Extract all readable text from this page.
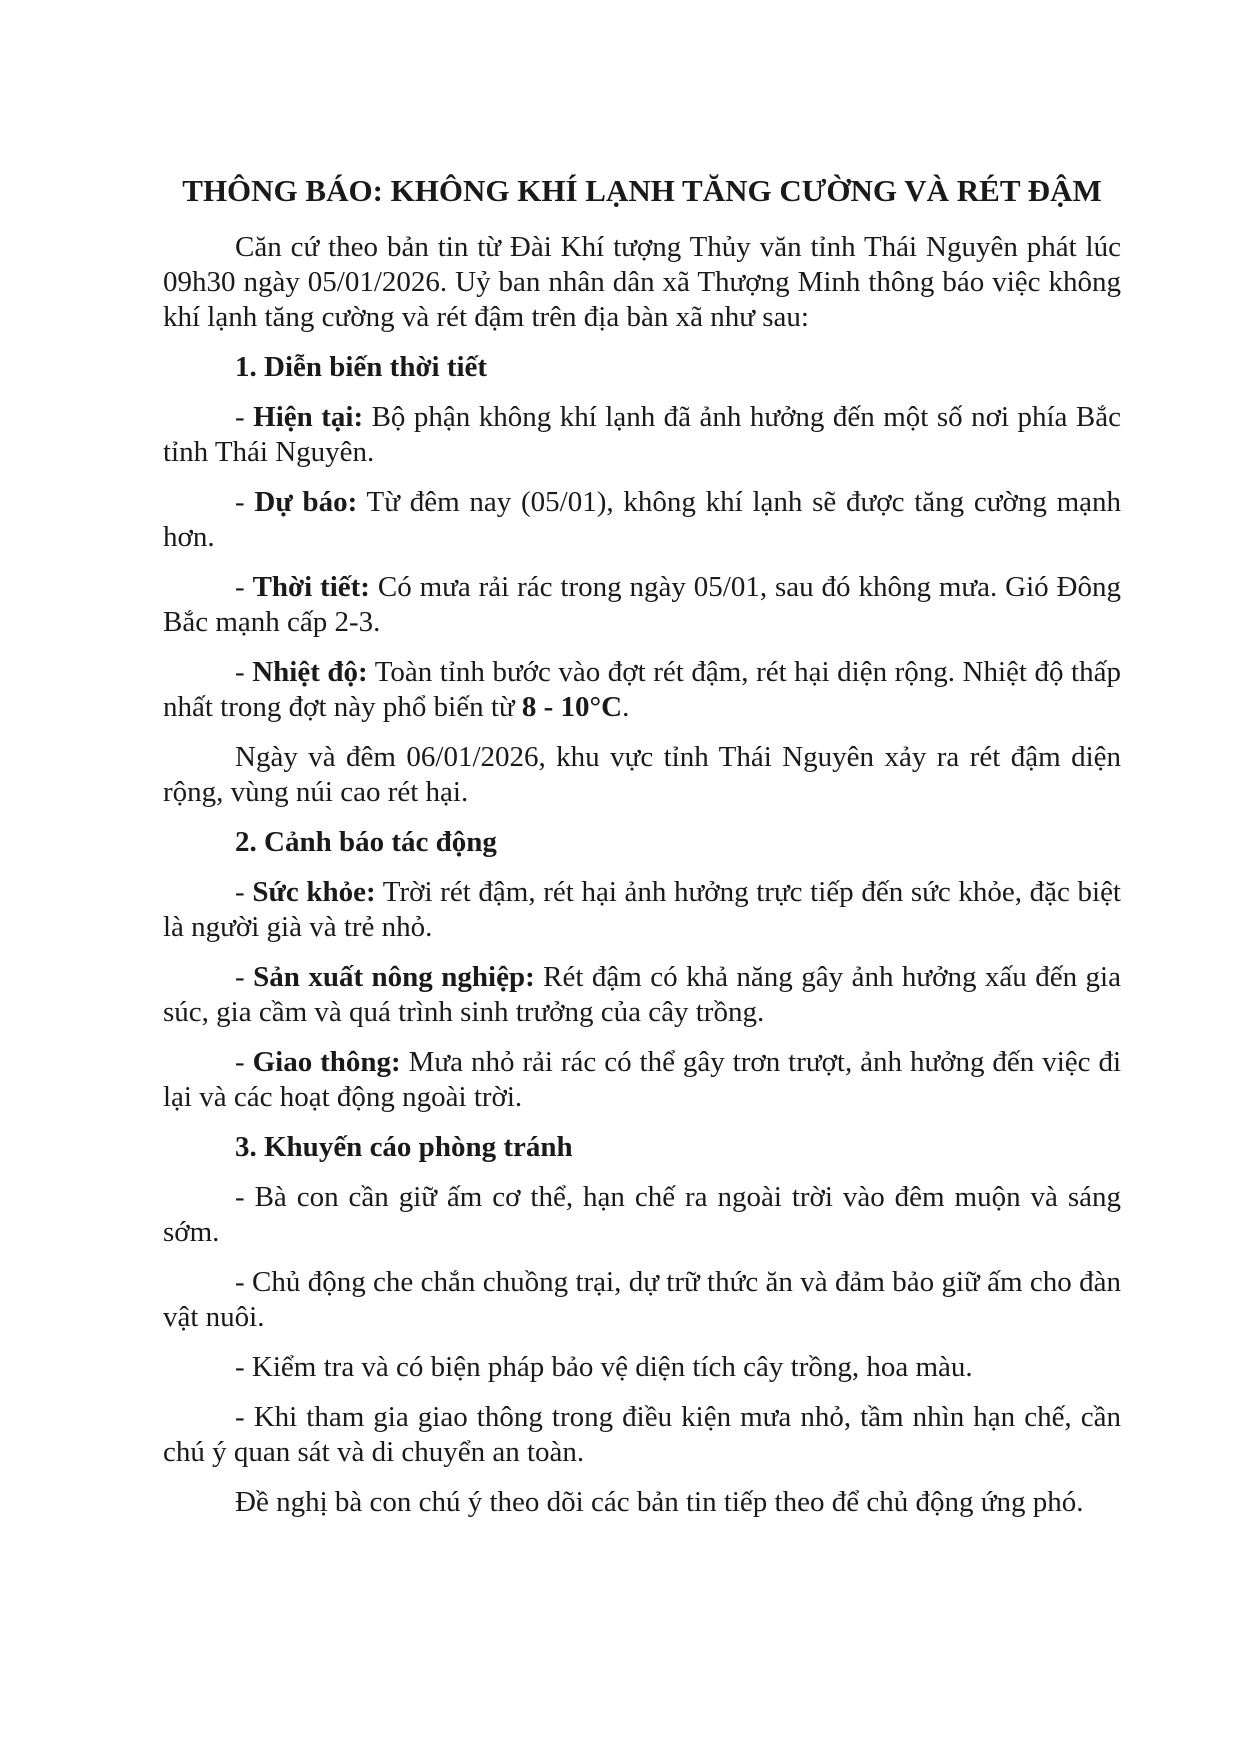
THÔNG BÁO: KHÔNG KHÍ LẠNH TĂNG CƯỜNG VÀ RÉT ĐẬM

Căn cứ theo bản tin từ Đài Khí tượng Thủy văn tỉnh Thái Nguyên phát lúc 09h30 ngày 05/01/2026. Uỷ ban nhân dân xã Thượng Minh thông báo việc không khí lạnh tăng cường và rét đậm trên địa bàn xã như sau:

1. Diễn biến thời tiết

- Hiện tại: Bộ phận không khí lạnh đã ảnh hưởng đến một số nơi phía Bắc tỉnh Thái Nguyên.

- Dự báo: Từ đêm nay (05/01), không khí lạnh sẽ được tăng cường mạnh hơn.

- Thời tiết: Có mưa rải rác trong ngày 05/01, sau đó không mưa. Gió Đông Bắc mạnh cấp 2-3.

- Nhiệt độ: Toàn tỉnh bước vào đợt rét đậm, rét hại diện rộng. Nhiệt độ thấp nhất trong đợt này phổ biến từ 8 - 10°C.

Ngày và đêm 06/01/2026, khu vực tỉnh Thái Nguyên xảy ra rét đậm diện rộng, vùng núi cao rét hại.

2. Cảnh báo tác động

- Sức khỏe: Trời rét đậm, rét hại ảnh hưởng trực tiếp đến sức khỏe, đặc biệt là người già và trẻ nhỏ.

- Sản xuất nông nghiệp: Rét đậm có khả năng gây ảnh hưởng xấu đến gia súc, gia cầm và quá trình sinh trưởng của cây trồng.

- Giao thông: Mưa nhỏ rải rác có thể gây trơn trượt, ảnh hưởng đến việc đi lại và các hoạt động ngoài trời.

3. Khuyến cáo phòng tránh

- Bà con cần giữ ấm cơ thể, hạn chế ra ngoài trời vào đêm muộn và sáng sớm.

- Chủ động che chắn chuồng trại, dự trữ thức ăn và đảm bảo giữ ấm cho đàn vật nuôi.

- Kiểm tra và có biện pháp bảo vệ diện tích cây trồng, hoa màu.

- Khi tham gia giao thông trong điều kiện mưa nhỏ, tầm nhìn hạn chế, cần chú ý quan sát và di chuyển an toàn.

Đề nghị bà con chú ý theo dõi các bản tin tiếp theo để chủ động ứng phó.
